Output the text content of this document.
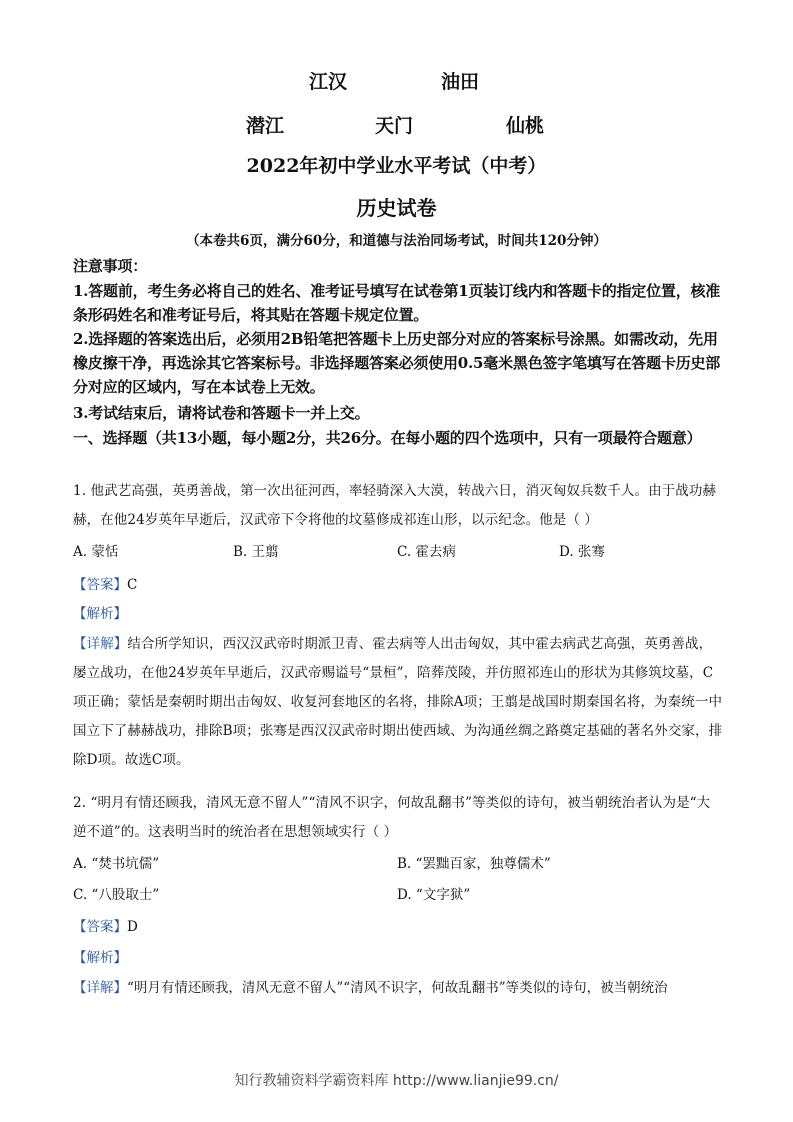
江汉	油田
潜江	天门	仙桃
2022年初中学业水平考试（中考）
历史试卷
（本卷共6页，满分60分，和道德与法治同场考试，时间共120分钟）
注意事项：
1.答题前，考生务必将自己的姓名、准考证号填写在试卷第1页装订线内和答题卡的指定位置，核准条形码姓名和准考证号后，将其贴在答题卡规定位置。
2.选择题的答案选出后，必须用2B铅笔把答题卡上历史部分对应的答案标号涂黑。如需改动，先用橡皮擦干净，再选涂其它答案标号。非选择题答案必须使用0.5毫米黑色签字笔填写在答题卡历史部分对应的区域内，写在本试卷上无效。
3.考试结束后，请将试卷和答题卡一并上交。
一、选择题（共13小题，每小题2分，共26分。在每小题的四个选项中，只有一项最符合题意）
1. 他武艺高强，英勇善战，第一次出征河西，率轻骑深入大漠，转战六日，消灭匈奴兵数千人。由于战功赫赫，在他24岁英年早逝后，汉武帝下令将他的坟墓修成祁连山形，以示纪念。他是（ ）
A. 蒙恬	B. 王翦	C. 霍去病	D. 张骞
【答案】C
【解析】
【详解】结合所学知识，西汉汉武帝时期派卫青、霍去病等人出击匈奴，其中霍去病武艺高强，英勇善战，屡立战功，在他24岁英年早逝后，汉武帝赐谥号“景桓”，陪葬茂陵，并仿照祁连山的形状为其修筑坟墓，C项正确；蒙恬是秦朝时期出击匈奴、收复河套地区的名将，排除A项；王翦是战国时期秦国名将，为秦统一中国立下了赫赫战功，排除B项；张骞是西汉汉武帝时期出使西域、为沟通丝绸之路奠定基础的著名外交家，排除D项。故选C项。
2. “明月有情还顾我，清风无意不留人”“清风不识字，何故乱翻书”等类似的诗句，被当朝统治者认为是“大逆不道”的。这表明当时的统治者在思想领域实行（ ）
A. “焚书坑儒”	B. “罢黜百家，独尊儒术”
C. “八股取士”	D. “文字狱”
【答案】D
【解析】
【详解】“明月有情还顾我，清风无意不留人”“清风不识字，何故乱翻书”等类似的诗句，被当朝统治
知行教辅资料学霸资料库 http://www.lianjie99.cn/
